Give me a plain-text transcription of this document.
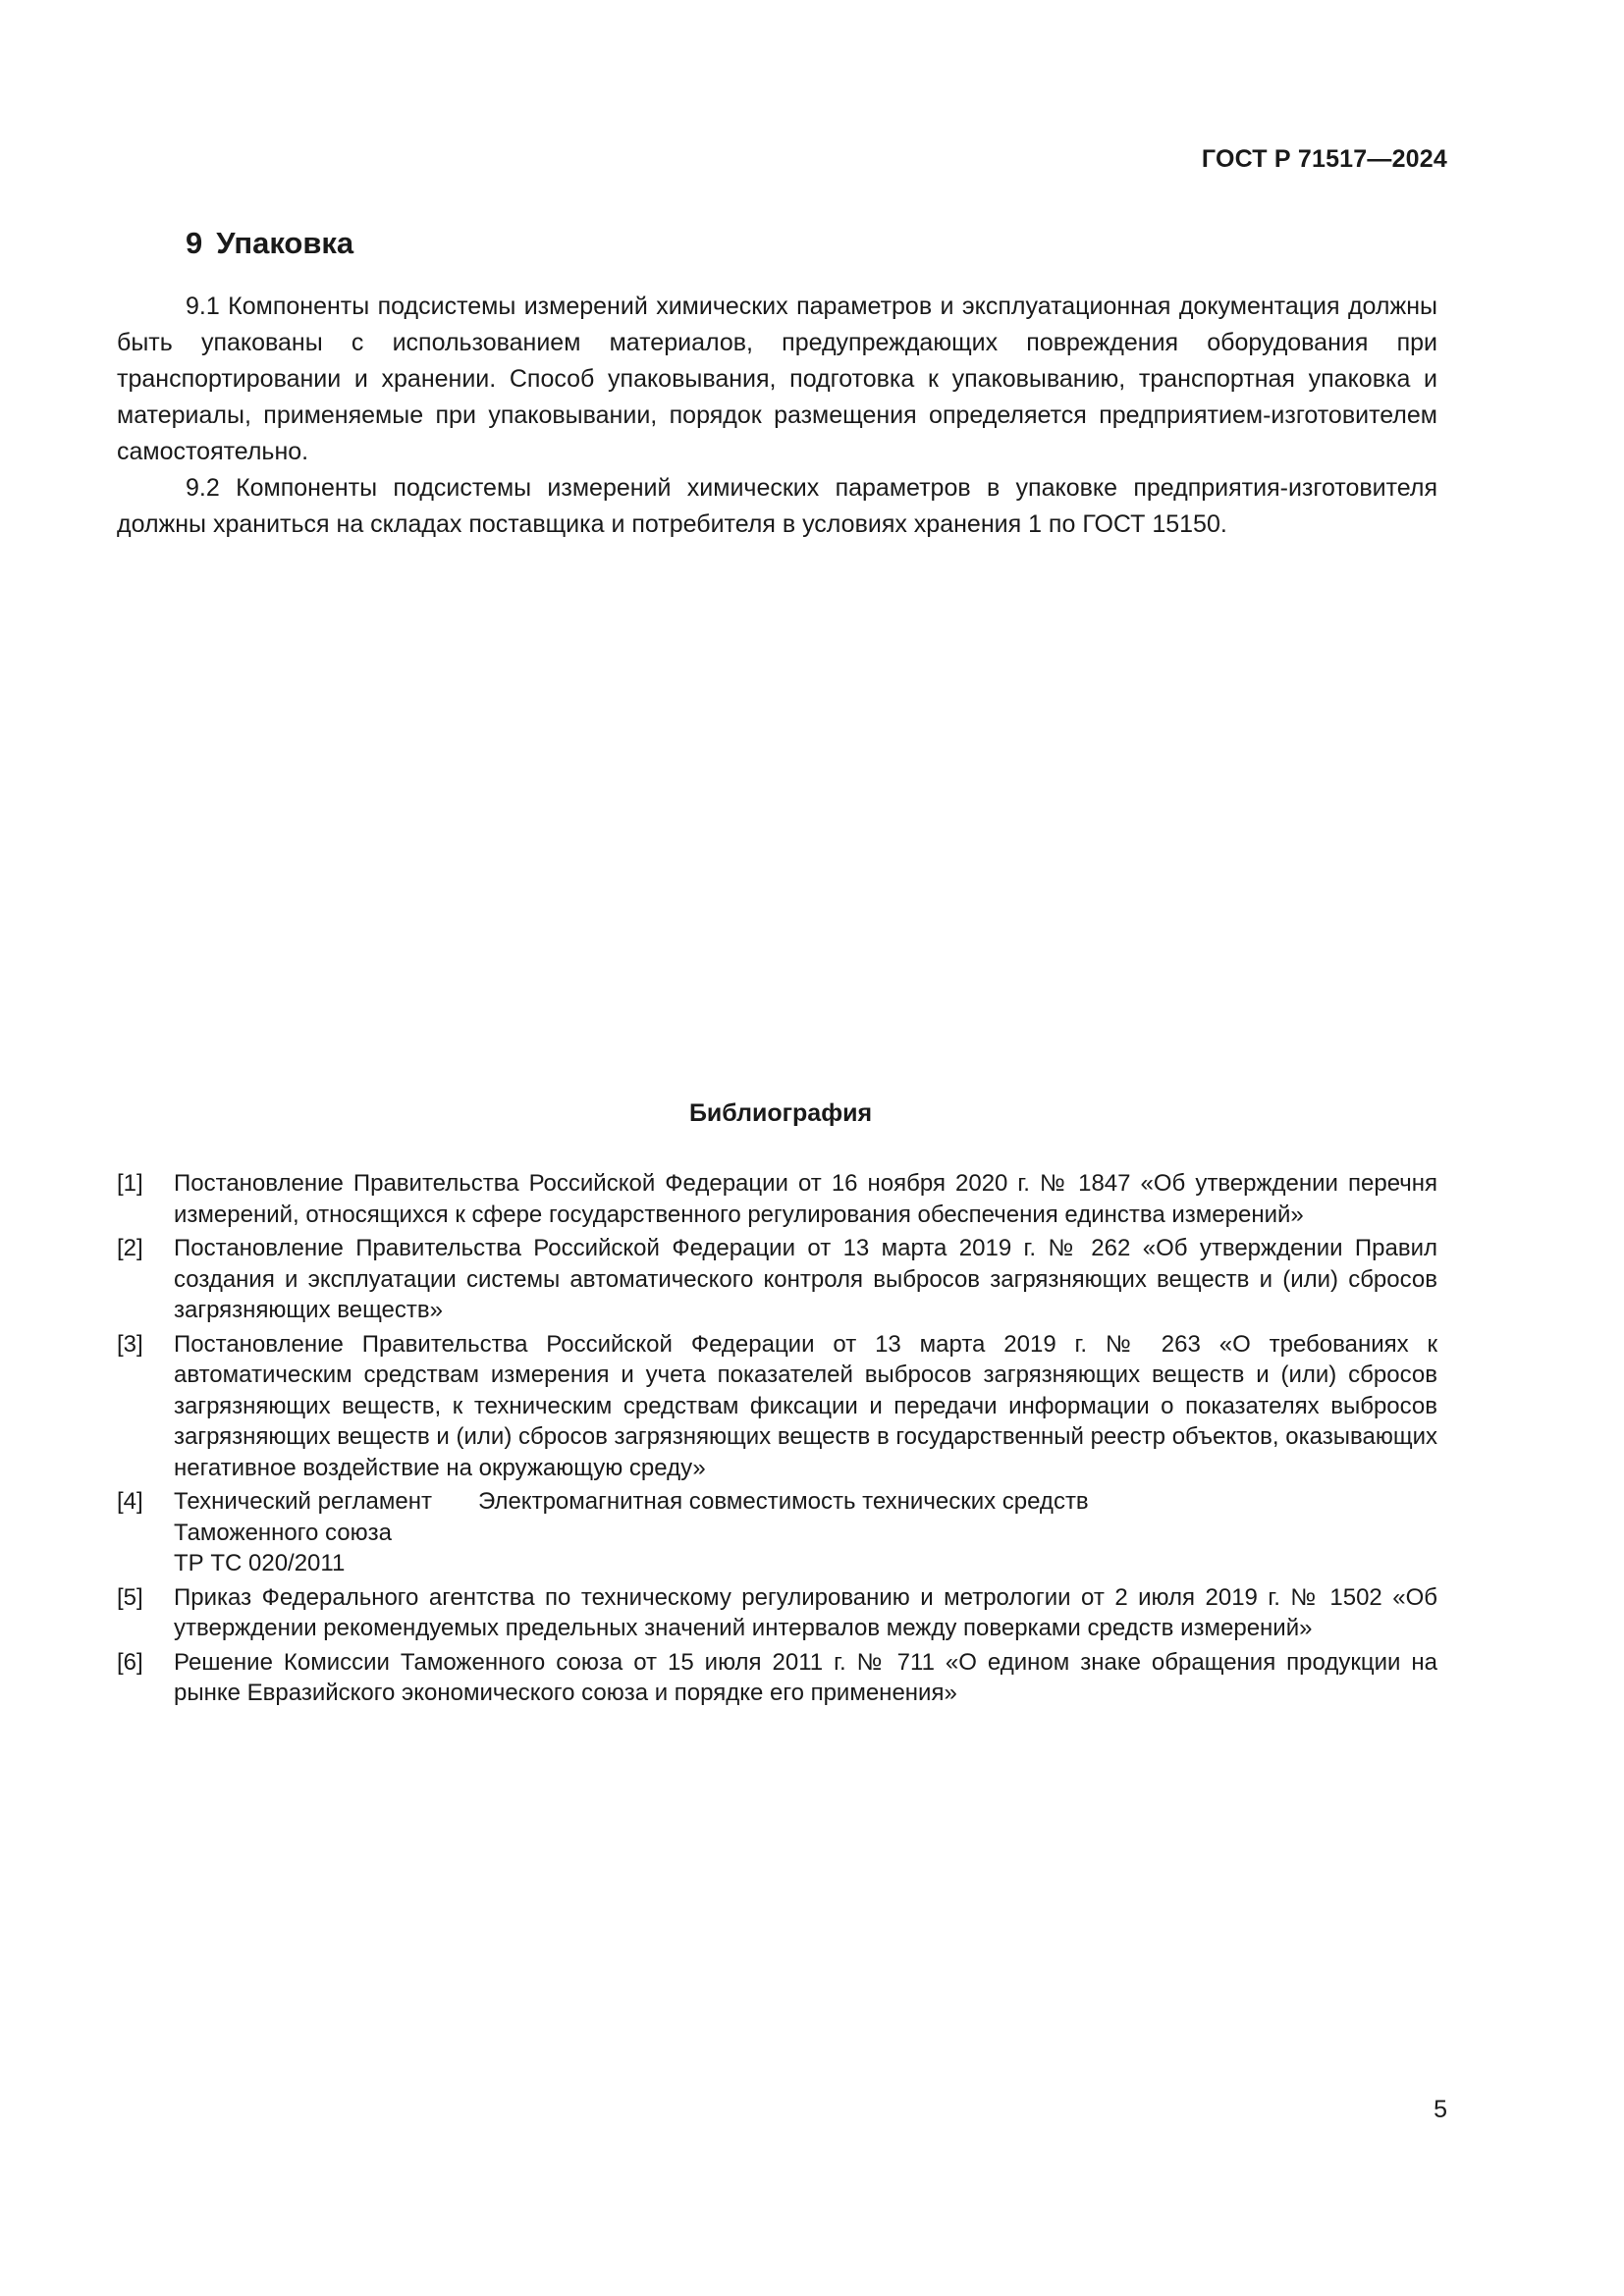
ГОСТ Р 71517—2024
9 Упаковка

9.1 Компоненты подсистемы измерений химических параметров и эксплуатационная документация должны быть упакованы с использованием материалов, предупреждающих повреждения оборудования при транспортировании и хранении. Способ упаковывания, подготовка к упаковыванию, транспортная упаковка и материалы, применяемые при упаковывании, порядок размещения определяется предприятием-изготовителем самостоятельно.

9.2 Компоненты подсистемы измерений химических параметров в упаковке предприятия-изготовителя должны храниться на складах поставщика и потребителя в условиях хранения 1 по ГОСТ 15150.

Библиография
[1]	Постановление Правительства Российской Федерации от 16 ноября 2020 г. № 1847 «Об утверждении перечня измерений, относящихся к сфере государственного регулирования обеспечения единства измерений»
[2]	Постановление Правительства Российской Федерации от 13 марта 2019 г. № 262 «Об утверждении Правил создания и эксплуатации системы автоматического контроля выбросов загрязняющих веществ и (или) сбросов загрязняющих веществ»
[3]	Постановление Правительства Российской Федерации от 13 марта 2019 г. № 263 «О требованиях к автоматическим средствам измерения и учета показателей выбросов загрязняющих веществ и (или) сбросов загрязняющих веществ, к техническим средствам фиксации и передачи информации о показателях выбросов загрязняющих веществ и (или) сбросов загрязняющих веществ в государственный реестр объектов, оказывающих негативное воздействие на окружающую среду»
[4]	Технический регламент	Электромагнитная совместимость технических средств
Таможенного союза
ТР ТС 020/2011
[5]	Приказ Федерального агентства по техническому регулированию и метрологии от 2 июля 2019 г. № 1502 «Об утверждении рекомендуемых предельных значений интервалов между поверками средств измерений»
[6]	Решение Комиссии Таможенного союза от 15 июля 2011 г. № 711 «О едином знаке обращения продукции на рынке Евразийского экономического союза и порядке его применения»
5
